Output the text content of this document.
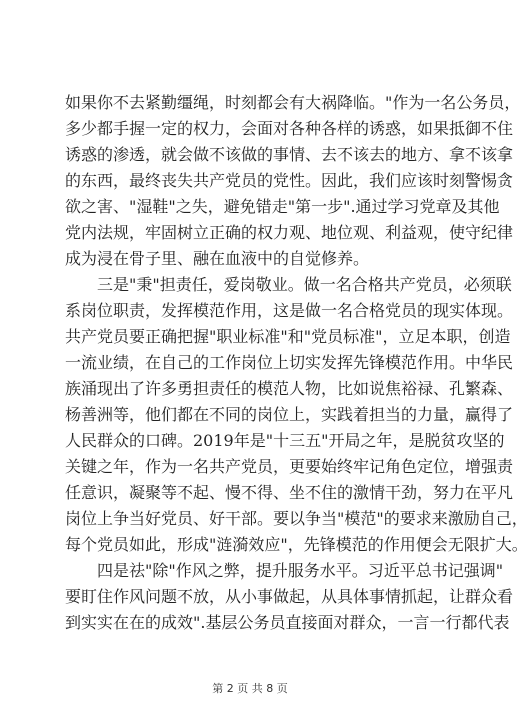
如果你不去紧勤缰绳，时刻都会有大祸降临。"作为一名公务员，
多少都手握一定的权力，会面对各种各样的诱惑，如果抵御不住
诱惑的渗透，就会做不该做的事情、去不该去的地方、拿不该拿
的东西，最终丧失共产党员的党性。因此，我们应该时刻警惕贪
欲之害、"湿鞋"之失，避免错走"第一步".通过学习党章及其他
党内法规，牢固树立正确的权力观、地位观、利益观，使守纪律
成为浸在骨子里、融在血液中的自觉修养。
三是"秉"担责任，爱岗敬业。做一名合格共产党员，必须联
系岗位职责，发挥模范作用，这是做一名合格党员的现实体现。
共产党员要正确把握"职业标准"和"党员标准"，立足本职，创造
一流业绩，在自己的工作岗位上切实发挥先锋模范作用。中华民
族涌现出了许多勇担责任的模范人物，比如说焦裕禄、孔繁森、
杨善洲等，他们都在不同的岗位上，实践着担当的力量，赢得了
人民群众的口碑。2019年是"十三五"开局之年，是脱贫攻坚的
关键之年，作为一名共产党员，更要始终牢记角色定位，增强责
任意识，凝聚等不起、慢不得、坐不住的激情干劲，努力在平凡
岗位上争当好党员、好干部。要以争当"模范"的要求来激励自己，
每个党员如此，形成"涟漪效应"，先锋模范的作用便会无限扩大。
四是祛"除"作风之弊，提升服务水平。习近平总书记强调"
要盯住作风问题不放，从小事做起，从具体事情抓起，让群众看
到实实在在的成效".基层公务员直接面对群众，一言一行都代表
第 2 页 共 8 页
